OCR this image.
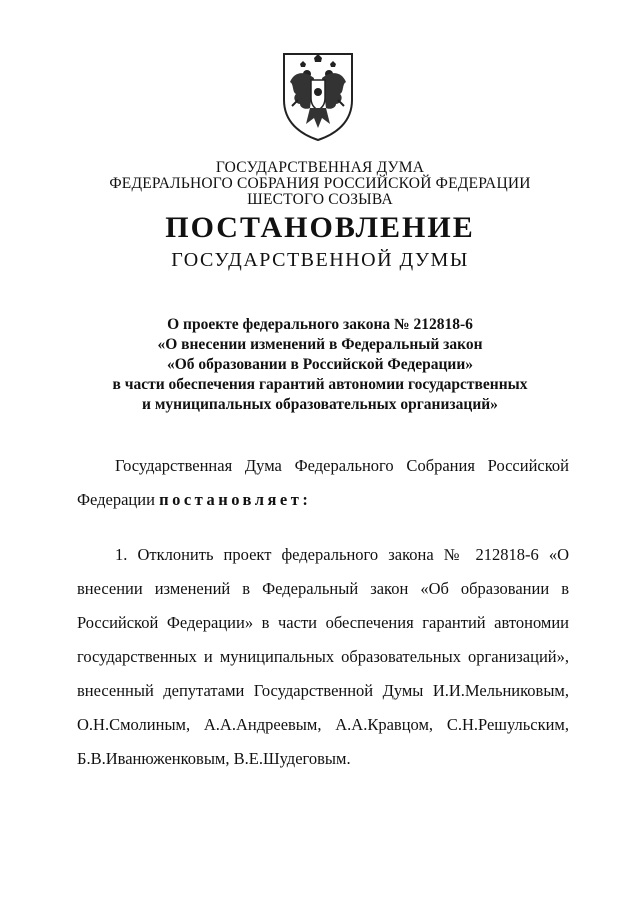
ГОСУДАРСТВЕННАЯ ДУМА
ФЕДЕРАЛЬНОГО СОБРАНИЯ РОССИЙСКОЙ ФЕДЕРАЦИИ
ШЕСТОГО СОЗЫВА
ПОСТАНОВЛЕНИЕ
ГОСУДАРСТВЕННОЙ ДУМЫ
О проекте федерального закона № 212818-6
«О внесении изменений в Федеральный закон
«Об образовании в Российской Федерации»
в части обеспечения гарантий автономии государственных
и муниципальных образовательных организаций»
Государственная Дума Федерального Собрания Российской
Федерации постановляет:
1. Отклонить проект федерального закона № 212818-6 «О внесении изменений в Федеральный закон «Об образовании в Российской Федерации» в части обеспечения гарантий автономии государственных и муниципальных образовательных организаций», внесенный депутатами Государственной Думы И.И.Мельниковым, О.Н.Смолиным, А.А.Андреевым, А.А.Кравцом, С.Н.Решульским, Б.В.Иванюженковым, В.Е.Шудеговым.
